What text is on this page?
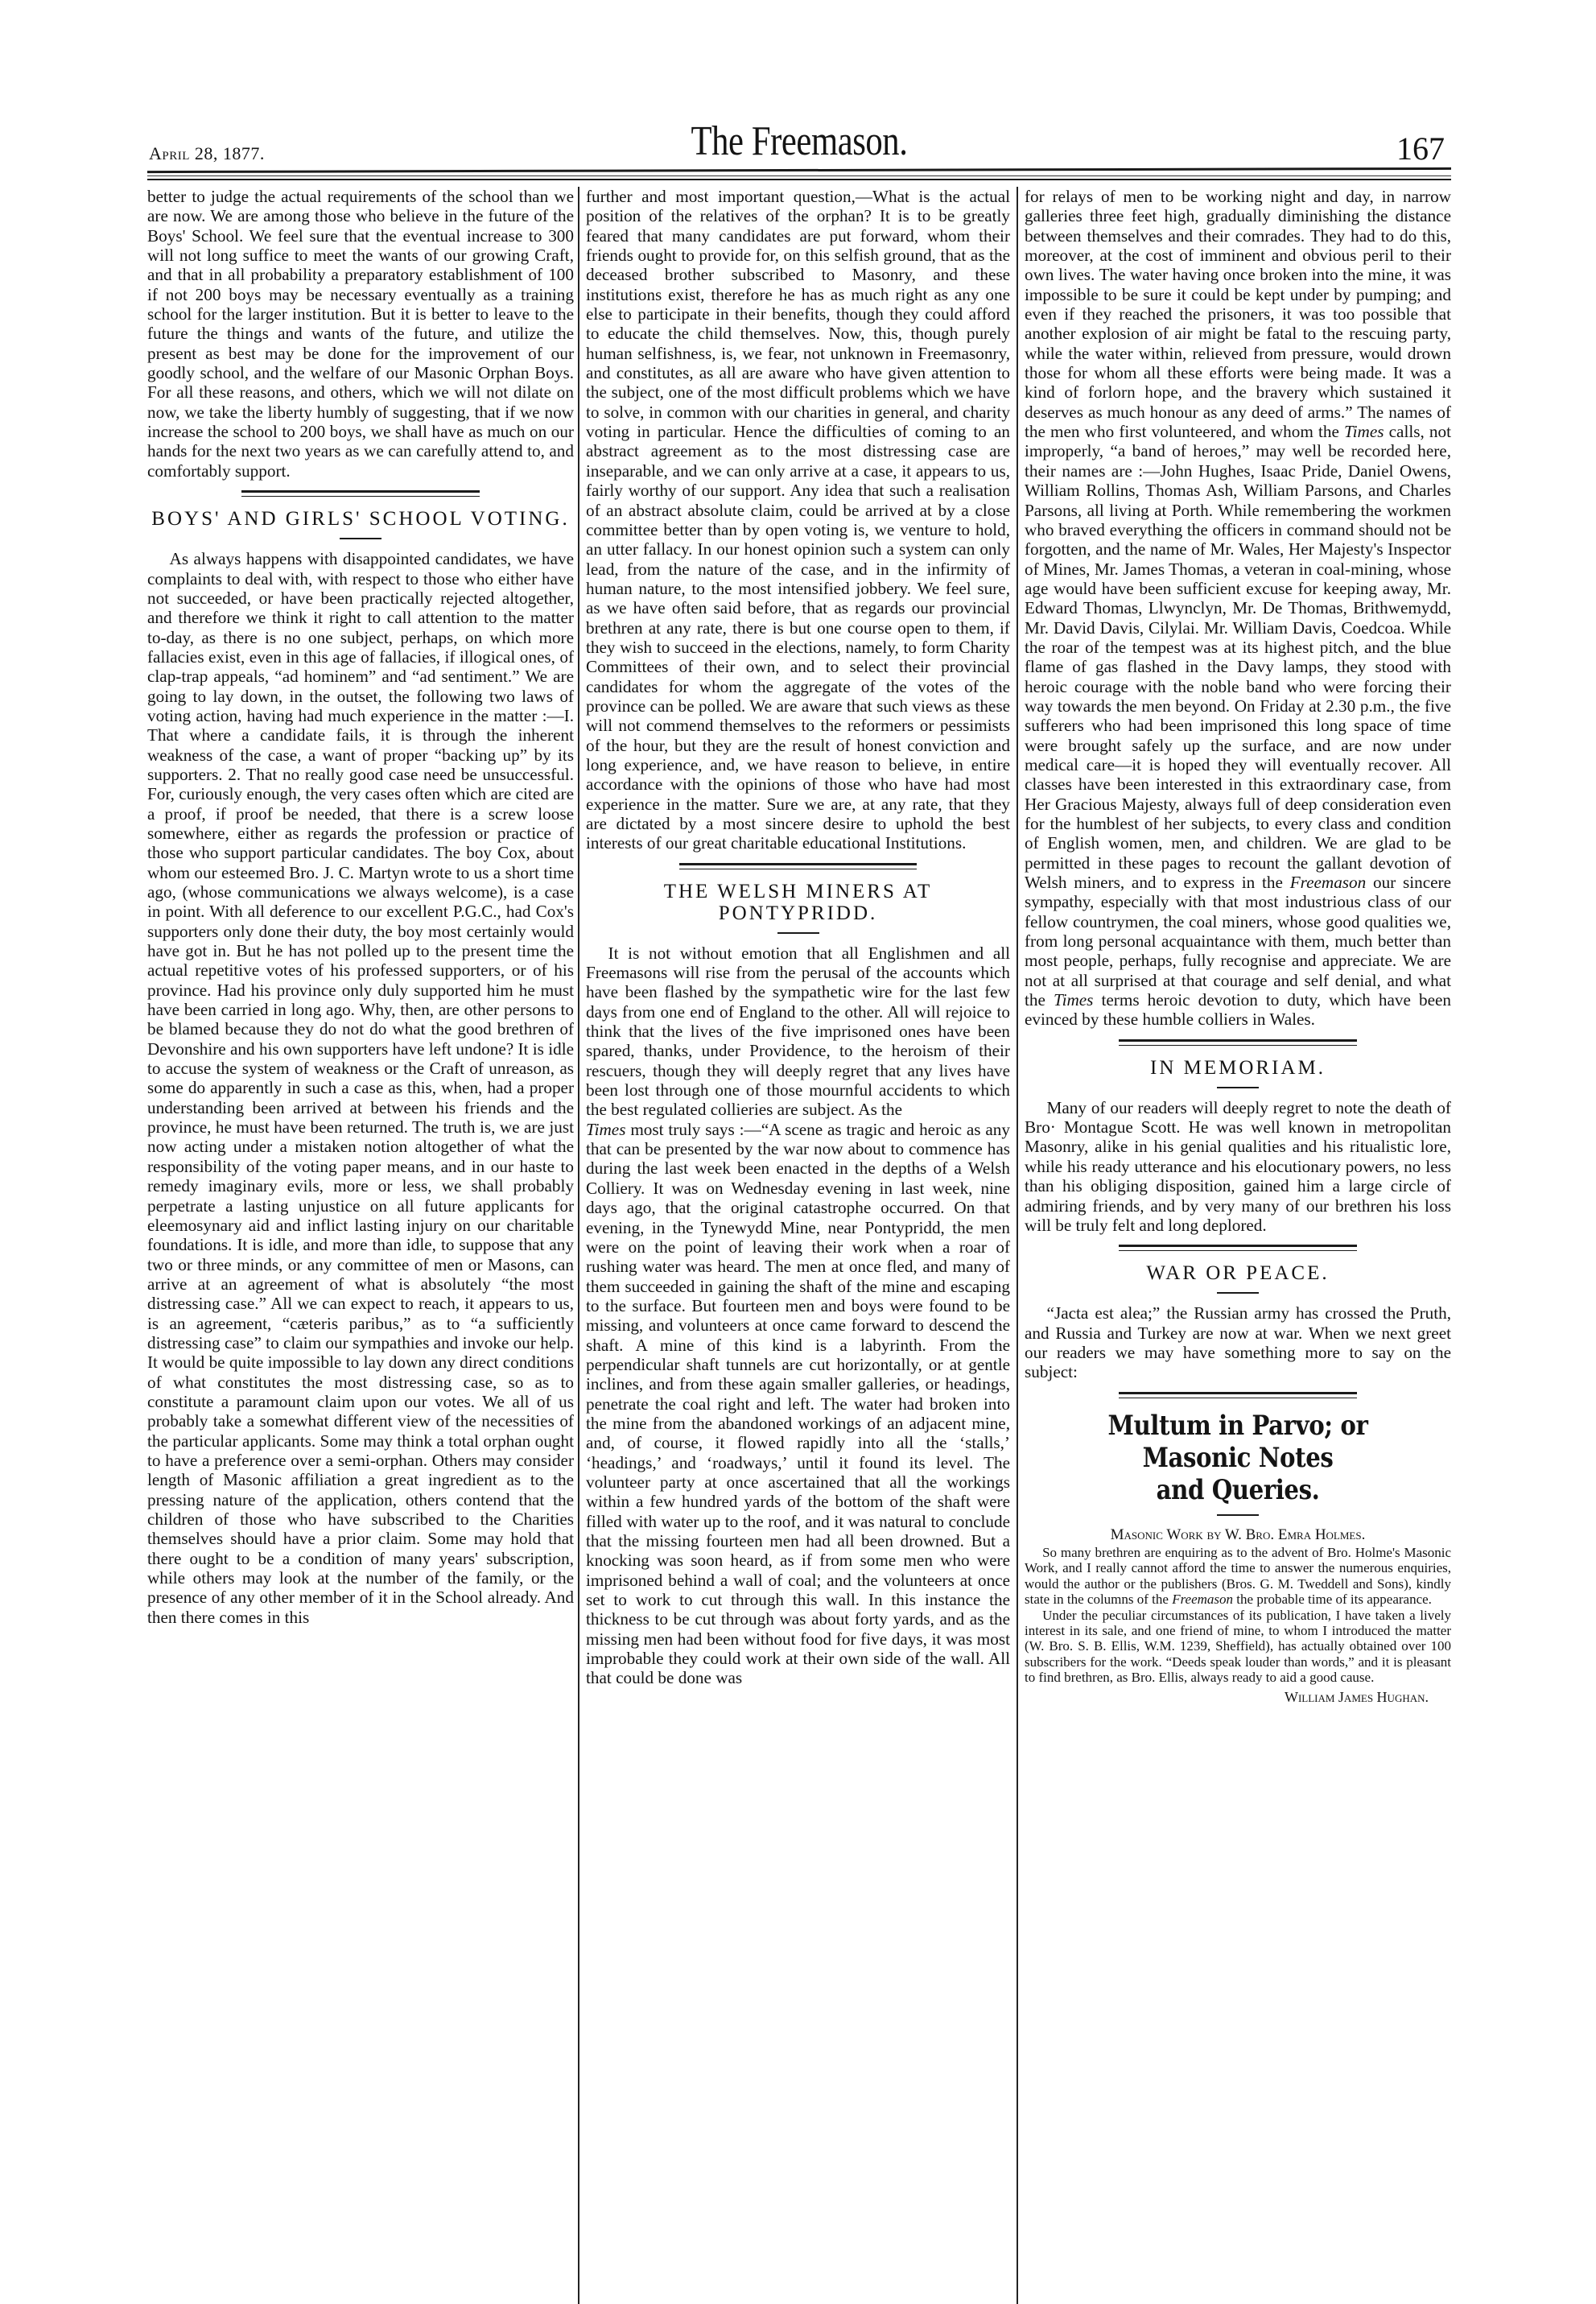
April 28, 1877.	The Freemason.	167

better to judge the actual requirements of the school than we are now. We are among those who believe in the future of the Boys' School. We feel sure that the eventual increase to 300 will not long suffice to meet the wants of our growing Craft, and that in all probability a preparatory establishment of 100 if not 200 boys may be necessary eventually as a training school for the larger institution. But it is better to leave to the future the things and wants of the future, and utilize the present as best may be done for the improvement of our goodly school, and the welfare of our Masonic Orphan Boys. For all these reasons, and others, which we will not dilate on now, we take the liberty humbly of suggesting, that if we now increase the school to 200 boys, we shall have as much on our hands for the next two years as we can carefully attend to, and comfortably support.

BOYS' AND GIRLS' SCHOOL VOTING.

As always happens with disappointed candidates, we have complaints to deal with, with respect to those who either have not succeeded, or have been practically rejected altogether, and therefore we think it right to call attention to the matter to-day, as there is no one subject, perhaps, on which more fallacies exist, even in this age of fallacies, if illogical ones, of clap-trap appeals, “ad hominem” and “ad sentiment.” We are going to lay down, in the outset, the following two laws of voting action, having had much experience in the matter :—I. That where a candidate fails, it is through the inherent weakness of the case, a want of proper “backing up” by its supporters. 2. That no really good case need be unsuccessful. For, curiously enough, the very cases often which are cited are a proof, if proof be needed, that there is a screw loose somewhere, either as regards the profession or practice of those who support particular candidates. The boy Cox, about whom our esteemed Bro. J. C. Martyn wrote to us a short time ago, (whose communications we always welcome), is a case in point. With all deference to our excellent P.G.C., had Cox's supporters only done their duty, the boy most certainly would have got in. But he has not polled up to the present time the actual repetitive votes of his professed supporters, or of his province. Had his province only duly supported him he must have been carried in long ago. Why, then, are other persons to be blamed because they do not do what the good brethren of Devonshire and his own supporters have left undone? It is idle to accuse the system of weakness or the Craft of unreason, as some do apparently in such a case as this, when, had a proper understanding been arrived at between his friends and the province, he must have been returned. The truth is, we are just now acting under a mistaken notion altogether of what the responsibility of the voting paper means, and in our haste to remedy imaginary evils, more or less, we shall probably perpetrate a lasting unjustice on all future applicants for eleemosynary aid and inflict lasting injury on our charitable foundations. It is idle, and more than idle, to suppose that any two or three minds, or any committee of men or Masons, can arrive at an agreement of what is absolutely “the most distressing case.” All we can expect to reach, it appears to us, is an agreement, “cæteris paribus,” as to “a sufficiently distressing case” to claim our sympathies and invoke our help. It would be quite impossible to lay down any direct conditions of what constitutes the most distressing case, so as to constitute a paramount claim upon our votes. We all of us probably take a somewhat different view of the necessities of the particular applicants. Some may think a total orphan ought to have a preference over a semi-orphan. Others may consider length of Masonic affiliation a great ingredient as to the pressing nature of the application, others contend that the children of those who have subscribed to the Charities themselves should have a prior claim. Some may hold that there ought to be a condition of many years' subscription, while others may look at the number of the family, or the presence of any other member of it in the School already. And then there comes in this

further and most important question,—What is the actual position of the relatives of the orphan? It is to be greatly feared that many candidates are put forward, whom their friends ought to provide for, on this selfish ground, that as the deceased brother subscribed to Masonry, and these institutions exist, therefore he has as much right as any one else to participate in their benefits, though they could afford to educate the child themselves. Now, this, though purely human selfishness, is, we fear, not unknown in Freemasonry, and constitutes, as all are aware who have given attention to the subject, one of the most difficult problems which we have to solve, in common with our charities in general, and charity voting in particular. Hence the difficulties of coming to an abstract agreement as to the most distressing case are inseparable, and we can only arrive at a case, it appears to us, fairly worthy of our support. Any idea that such a realisation of an abstract absolute claim, could be arrived at by a close committee better than by open voting is, we venture to hold, an utter fallacy. In our honest opinion such a system can only lead, from the nature of the case, and in the infirmity of human nature, to the most intensified jobbery. We feel sure, as we have often said before, that as regards our provincial brethren at any rate, there is but one course open to them, if they wish to succeed in the elections, namely, to form Charity Committees of their own, and to select their provincial candidates for whom the aggregate of the votes of the province can be polled. We are aware that such views as these will not commend themselves to the reformers or pessimists of the hour, but they are the result of honest conviction and long experience, and, we have reason to believe, in entire accordance with the opinions of those who have had most experience in the matter. Sure we are, at any rate, that they are dictated by a most sincere desire to uphold the best interests of our great charitable educational Institutions.

THE WELSH MINERS AT
PONTYPRIDD.

It is not without emotion that all Englishmen and all Freemasons will rise from the perusal of the accounts which have been flashed by the sympathetic wire for the last few days from one end of England to the other. All will rejoice to think that the lives of the five imprisoned ones have been spared, thanks, under Providence, to the heroism of their rescuers, though they will deeply regret that any lives have been lost through one of those mournful accidents to which the best regulated collieries are subject. As the
Times most truly says :—“A scene as tragic and heroic as any that can be presented by the war now about to commence has during the last week been enacted in the depths of a Welsh Colliery. It was on Wednesday evening in last week, nine days ago, that the original catastrophe occurred. On that evening, in the Tynewydd Mine, near Pontypridd, the men were on the point of leaving their work when a roar of rushing water was heard. The men at once fled, and many of them succeeded in gaining the shaft of the mine and escaping to the surface. But fourteen men and boys were found to be missing, and volunteers at once came forward to descend the shaft. A mine of this kind is a labyrinth. From the perpendicular shaft tunnels are cut horizontally, or at gentle inclines, and from these again smaller galleries, or headings, penetrate the coal right and left. The water had broken into the mine from the abandoned workings of an adjacent mine, and, of course, it flowed rapidly into all the ‘stalls,’ ‘headings,’ and ‘roadways,’ until it found its level. The volunteer party at once ascertained that all the workings within a few hundred yards of the bottom of the shaft were filled with water up to the roof, and it was natural to conclude that the missing fourteen men had all been drowned. But a knocking was soon heard, as if from some men who were imprisoned behind a wall of coal; and the volunteers at once set to work to cut through this wall. In this instance the thickness to be cut through was about forty yards, and as the missing men had been without food for five days, it was most improbable they could work at their own side of the wall. All that could be done was

for relays of men to be working night and day, in narrow galleries three feet high, gradually diminishing the distance between themselves and their comrades. They had to do this, moreover, at the cost of imminent and obvious peril to their own lives. The water having once broken into the mine, it was impossible to be sure it could be kept under by pumping; and even if they reached the prisoners, it was too possible that another explosion of air might be fatal to the rescuing party, while the water within, relieved from pressure, would drown those for whom all these efforts were being made. It was a kind of forlorn hope, and the bravery which sustained it deserves as much honour as any deed of arms.” The names of the men who first volunteered, and whom the Times calls, not improperly, “a band of heroes,” may well be recorded here, their names are :—John Hughes, Isaac Pride, Daniel Owens, William Rollins, Thomas Ash, William Parsons, and Charles Parsons, all living at Porth. While remembering the workmen who braved everything the officers in command should not be forgotten, and the name of Mr. Wales, Her Majesty's Inspector of Mines, Mr. James Thomas, a veteran in coal-mining, whose age would have been sufficient excuse for keeping away, Mr. Edward Thomas, Llwynclyn, Mr. De Thomas, Brithwemydd, Mr. David Davis, Cilylai. Mr. William Davis, Coedcoa. While the roar of the tempest was at its highest pitch, and the blue flame of gas flashed in the Davy lamps, they stood with heroic courage with the noble band who were forcing their way towards the men beyond. On Friday at 2.30 p.m., the five sufferers who had been imprisoned this long space of time were brought safely up the surface, and are now under medical care—it is hoped they will eventually recover. All classes have been interested in this extraordinary case, from Her Gracious Majesty, always full of deep consideration even for the humblest of her subjects, to every class and condition of English women, men, and children. We are glad to be permitted in these pages to recount the gallant devotion of Welsh miners, and to express in the Freemason our sincere sympathy, especially with that most industrious class of our fellow countrymen, the coal miners, whose good qualities we, from long personal acquaintance with them, much better than most people, perhaps, fully recognise and appreciate. We are not at all surprised at that courage and self denial, and what the Times terms heroic devotion to duty, which have been evinced by these humble colliers in Wales.

IN MEMORIAM.

Many of our readers will deeply regret to note the death of Bro· Montague Scott. He was well known in metropolitan Masonry, alike in his genial qualities and his ritualistic lore, while his ready utterance and his elocutionary powers, no less than his obliging disposition, gained him a large circle of admiring friends, and by very many of our brethren his loss will be truly felt and long deplored.

WAR OR PEACE.

“Jacta est alea;” the Russian army has crossed the Pruth, and Russia and Turkey are now at war. When we next greet our readers we may have something more to say on the subject:

Multum in Parvo; or Masonic Notes
and Queries.
Masonic Work by W. Bro. Emra Holmes.

So many brethren are enquiring as to the advent of Bro. Holme's Masonic Work, and I really cannot afford the time to answer the numerous enquiries, would the author or the publishers (Bros. G. M. Tweddell and Sons), kindly state in the columns of the Freemason the probable time of its appearance.

Under the peculiar circumstances of its publication, I have taken a lively interest in its sale, and one friend of mine, to whom I introduced the matter (W. Bro. S. B. Ellis, W.M. 1239, Sheffield), has actually obtained over 100 subscribers for the work. “Deeds speak louder than words,” and it is pleasant to find brethren, as Bro. Ellis, always ready to aid a good cause.

William James Hughan.
